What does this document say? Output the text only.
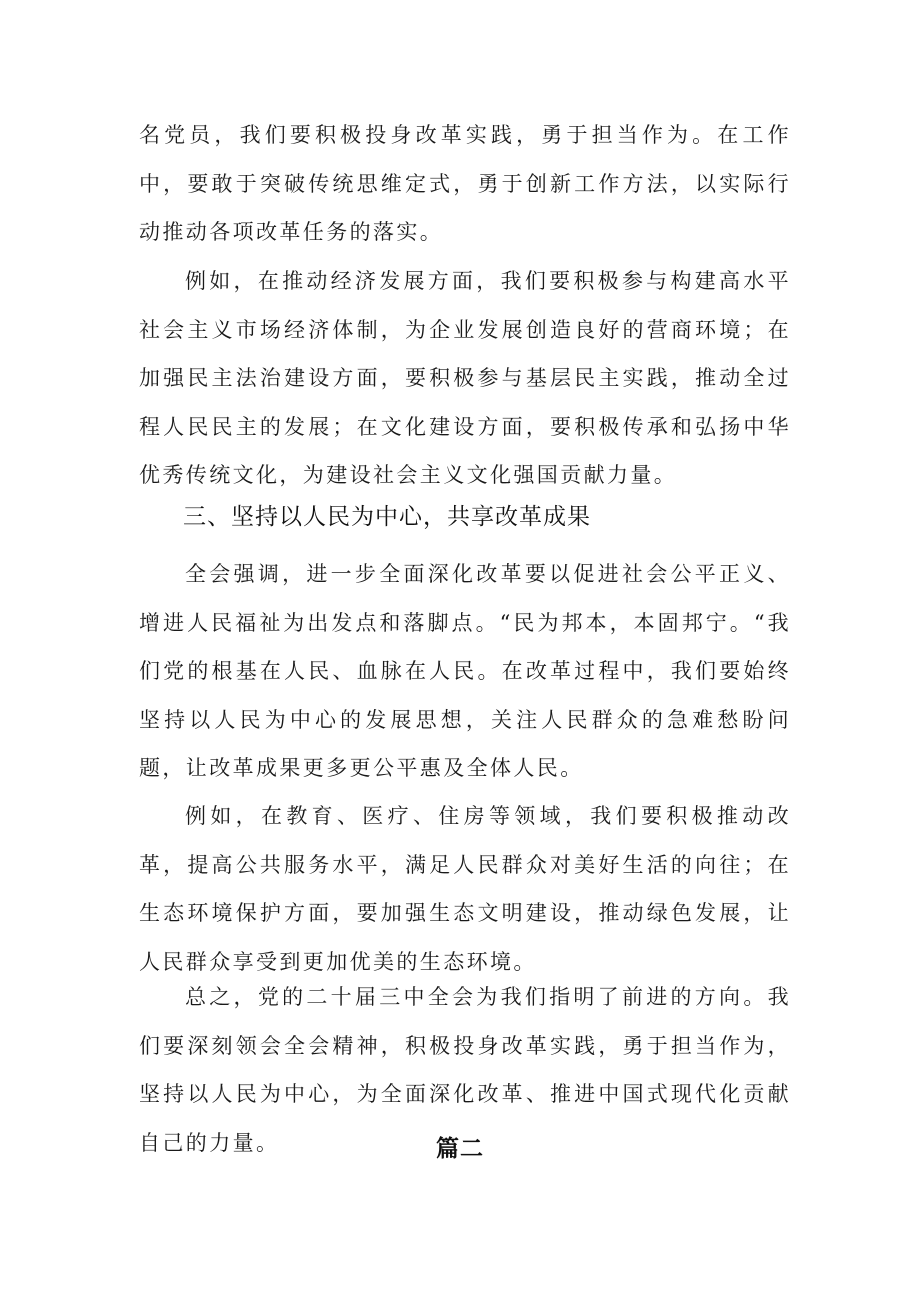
名党员，我们要积极投身改革实践，勇于担当作为。在工作中，要敢于突破传统思维定式，勇于创新工作方法，以实际行动推动各项改革任务的落实。

例如，在推动经济发展方面，我们要积极参与构建高水平社会主义市场经济体制，为企业发展创造良好的营商环境；在加强民主法治建设方面，要积极参与基层民主实践，推动全过程人民民主的发展；在文化建设方面，要积极传承和弘扬中华优秀传统文化，为建设社会主义文化强国贡献力量。

三、坚持以人民为中心，共享改革成果

全会强调，进一步全面深化改革要以促进社会公平正义、增进人民福祉为出发点和落脚点。“民为邦本，本固邦宁。“我们党的根基在人民、血脉在人民。在改革过程中，我们要始终坚持以人民为中心的发展思想，关注人民群众的急难愁盼问题，让改革成果更多更公平惠及全体人民。

例如，在教育、医疗、住房等领域，我们要积极推动改革，提高公共服务水平，满足人民群众对美好生活的向往；在生态环境保护方面，要加强生态文明建设，推动绿色发展，让人民群众享受到更加优美的生态环境。

总之，党的二十届三中全会为我们指明了前进的方向。我们要深刻领会全会精神，积极投身改革实践，勇于担当作为，坚持以人民为中心，为全面深化改革、推进中国式现代化贡献自己的力量。	篇二
